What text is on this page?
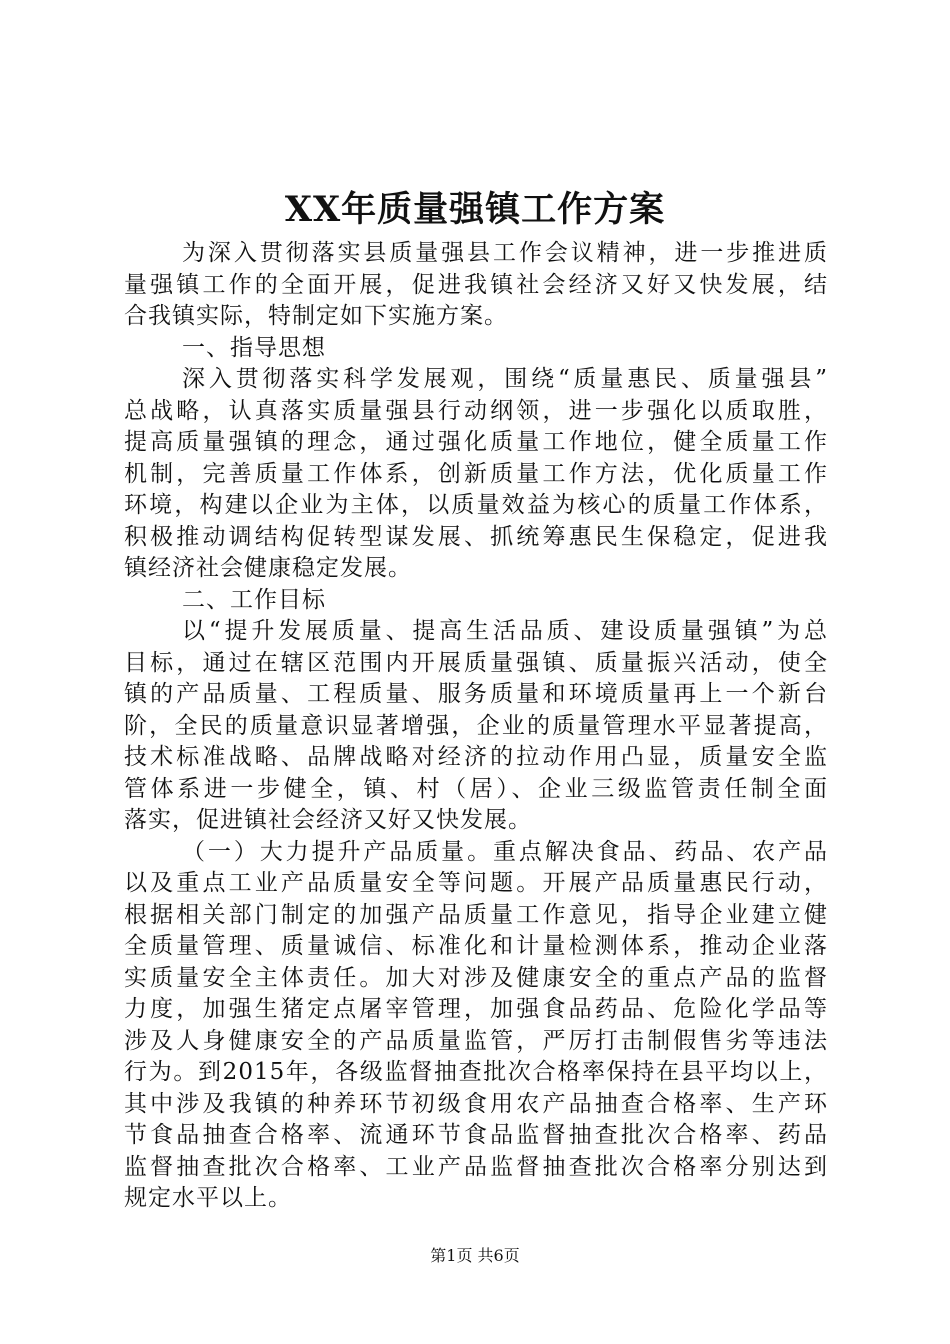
XX年质量强镇工作方案
为深入贯彻落实县质量强县工作会议精神，进一步推进质
量强镇工作的全面开展，促进我镇社会经济又好又快发展，结
合我镇实际，特制定如下实施方案。
一、指导思想
深入贯彻落实科学发展观，围绕“质量惠民、质量强县”
总战略，认真落实质量强县行动纲领，进一步强化以质取胜，
提高质量强镇的理念，通过强化质量工作地位，健全质量工作
机制，完善质量工作体系，创新质量工作方法，优化质量工作
环境，构建以企业为主体，以质量效益为核心的质量工作体系，
积极推动调结构促转型谋发展、抓统筹惠民生保稳定，促进我
镇经济社会健康稳定发展。
二、工作目标
以“提升发展质量、提高生活品质、建设质量强镇”为总
目标，通过在辖区范围内开展质量强镇、质量振兴活动，使全
镇的产品质量、工程质量、服务质量和环境质量再上一个新台
阶，全民的质量意识显著增强，企业的质量管理水平显著提高，
技术标准战略、品牌战略对经济的拉动作用凸显，质量安全监
管体系进一步健全，镇、村（居）、企业三级监管责任制全面
落实，促进镇社会经济又好又快发展。
（一）大力提升产品质量。重点解决食品、药品、农产品
以及重点工业产品质量安全等问题。开展产品质量惠民行动，
根据相关部门制定的加强产品质量工作意见，指导企业建立健
全质量管理、质量诚信、标准化和计量检测体系，推动企业落
实质量安全主体责任。加大对涉及健康安全的重点产品的监督
力度，加强生猪定点屠宰管理，加强食品药品、危险化学品等
涉及人身健康安全的产品质量监管，严厉打击制假售劣等违法
行为。到2015年，各级监督抽查批次合格率保持在县平均以上，
其中涉及我镇的种养环节初级食用农产品抽查合格率、生产环
节食品抽查合格率、流通环节食品监督抽查批次合格率、药品
监督抽查批次合格率、工业产品监督抽查批次合格率分别达到
规定水平以上。
第1页 共6页
